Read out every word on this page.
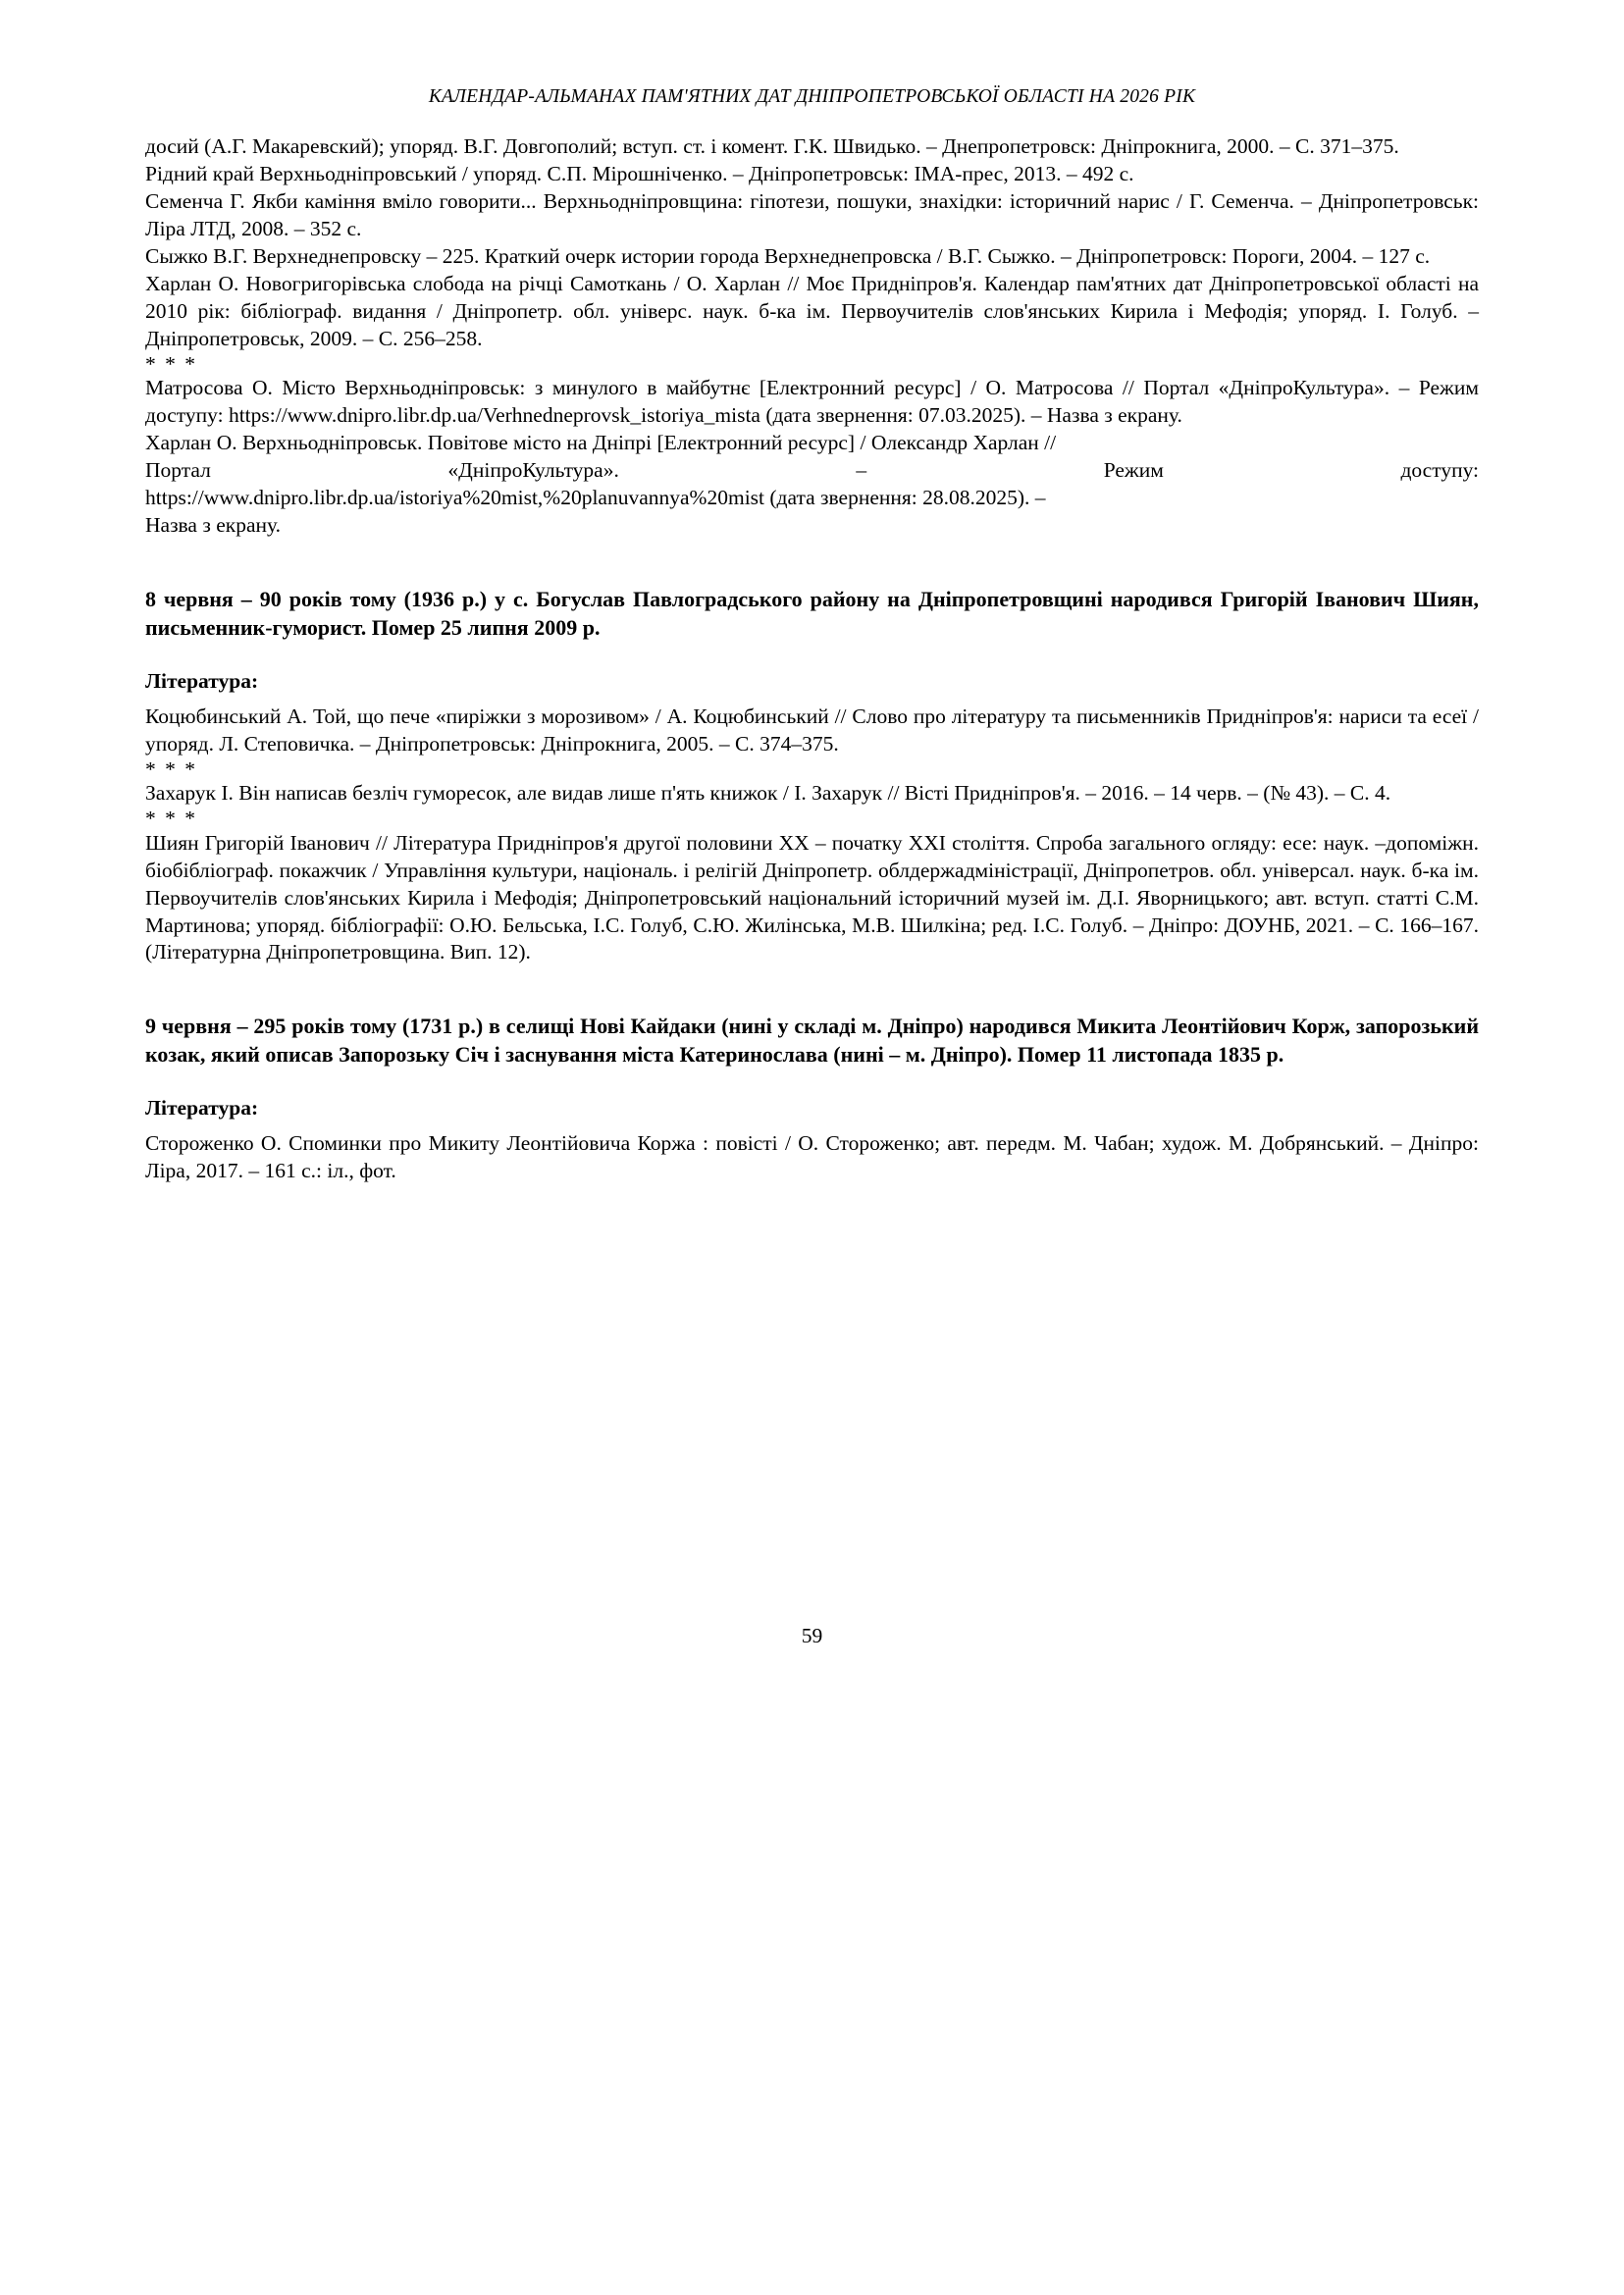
КАЛЕНДАР-АЛЬМАНАХ ПАМ'ЯТНИХ ДАТ ДНІПРОПЕТРОВСЬКОЇ ОБЛАСТІ НА 2026 РІК

досий (А.Г. Макаревский); упоряд. В.Г. Довгополий; вступ. ст. і комент. Г.К. Швидько. – Днепропетровск: Дніпрокнига, 2000. – С. 371–375.

Рідний край Верхньодніпровський / упоряд. С.П. Мірошніченко. – Дніпропетровськ: ІМА-прес, 2013. – 492 с.

Семенча Г. Якби каміння вміло говорити... Верхньодніпровщина: гіпотези, пошуки, знахідки: історичний нарис / Г. Семенча. – Дніпропетровськ: Ліра ЛТД, 2008. – 352 с.

Сыжко В.Г. Верхнеднепровску – 225. Краткий очерк истории города Верхнеднепровска / В.Г. Сыжко. – Днiпропетровск: Пороги, 2004. – 127 с.

Харлан О. Новогригорівська слобода на річці Самоткань / О. Харлан // Моє Придніпров'я. Календар пам'ятних дат Дніпропетровської області на 2010 рік: бібліограф. видання / Дніпропетр. обл. універс. наук. б-ка ім. Первоучителів слов'янських Кирила і Мефодія; упоряд. І. Голуб. – Дніпропетровськ, 2009. – С. 256–258.

* * *

Матросова О. Місто Верхньодніпровськ: з минулого в майбутнє [Електронний ресурс] / О. Матросова // Портал «ДніпроКультура». – Режим доступу: https://www.dnipro.libr.dp.ua/Verhnedneprovsk_istoriya_mista (дата звернення: 07.03.2025). – Назва з екрану.

Харлан О. Верхньодніпровськ. Повітове місто на Дніпрі [Електронний ресурс] / Олександр Харлан //

Портал	«ДніпроКультура».	–	Режим	доступу:

https://www.dnipro.libr.dp.ua/istoriya%20mist,%20planuvannya%20mist (дата звернення: 28.08.2025). –

Назва з екрану.

8 червня – 90 років тому (1936 р.) у с. Богуслав Павлоградського району на Дніпропетровщині народився Григорій Іванович Шиян, письменник-гуморист. Помер 25 липня 2009 р.

Література:

Коцюбинський А. Той, що пече «пиріжки з морозивом» / А. Коцюбинський // Слово про літературу та письменників Придніпров'я: нариси та есеї / упоряд. Л. Степовичка. – Дніпропетровськ: Дніпрокнига, 2005. – С. 374–375.

* * *

Захарук І. Він написав безліч гуморесок, але видав лише п'ять книжок / І. Захарук // Вісті Придніпров'я. – 2016. – 14 черв. – (№ 43). – С. 4.

* * *

Шиян Григорій Іванович // Література Придніпров'я другої половини XX – початку XXI століття. Спроба загального огляду: есе: наук. –допоміжн. біобібліограф. покажчик / Управління культури, національ. і релігій Дніпропетр. облдержадміністрації, Дніпропетров. обл. універсал. наук. б-ка ім. Первоучителів слов'янських Кирила і Мефодія; Дніпропетровський національний історичний музей ім. Д.І. Яворницького; авт. вступ. статті С.М. Мартинова; упоряд. бібліографії: О.Ю. Бельська, І.С. Голуб, С.Ю. Жилінська, М.В. Шилкіна; ред. І.С. Голуб. – Дніпро: ДОУНБ, 2021. – С. 166–167. (Літературна Дніпропетровщина. Вип. 12).

9 червня – 295 років тому (1731 р.) в селищі Нові Кайдаки (нині у складі м. Дніпро) народився Микита Леонтійович Корж, запорозький козак, який описав Запорозьку Січ і заснування міста Катеринослава (нині – м. Дніпро). Помер 11 листопада 1835 р.

Література:

Стороженко О. Споминки про Микиту Леонтійовича Коржа : повісті / О. Стороженко; авт. передм. М. Чабан; худож. М. Добрянський. – Дніпро: Ліра, 2017. – 161 с.: іл., фот.

59
